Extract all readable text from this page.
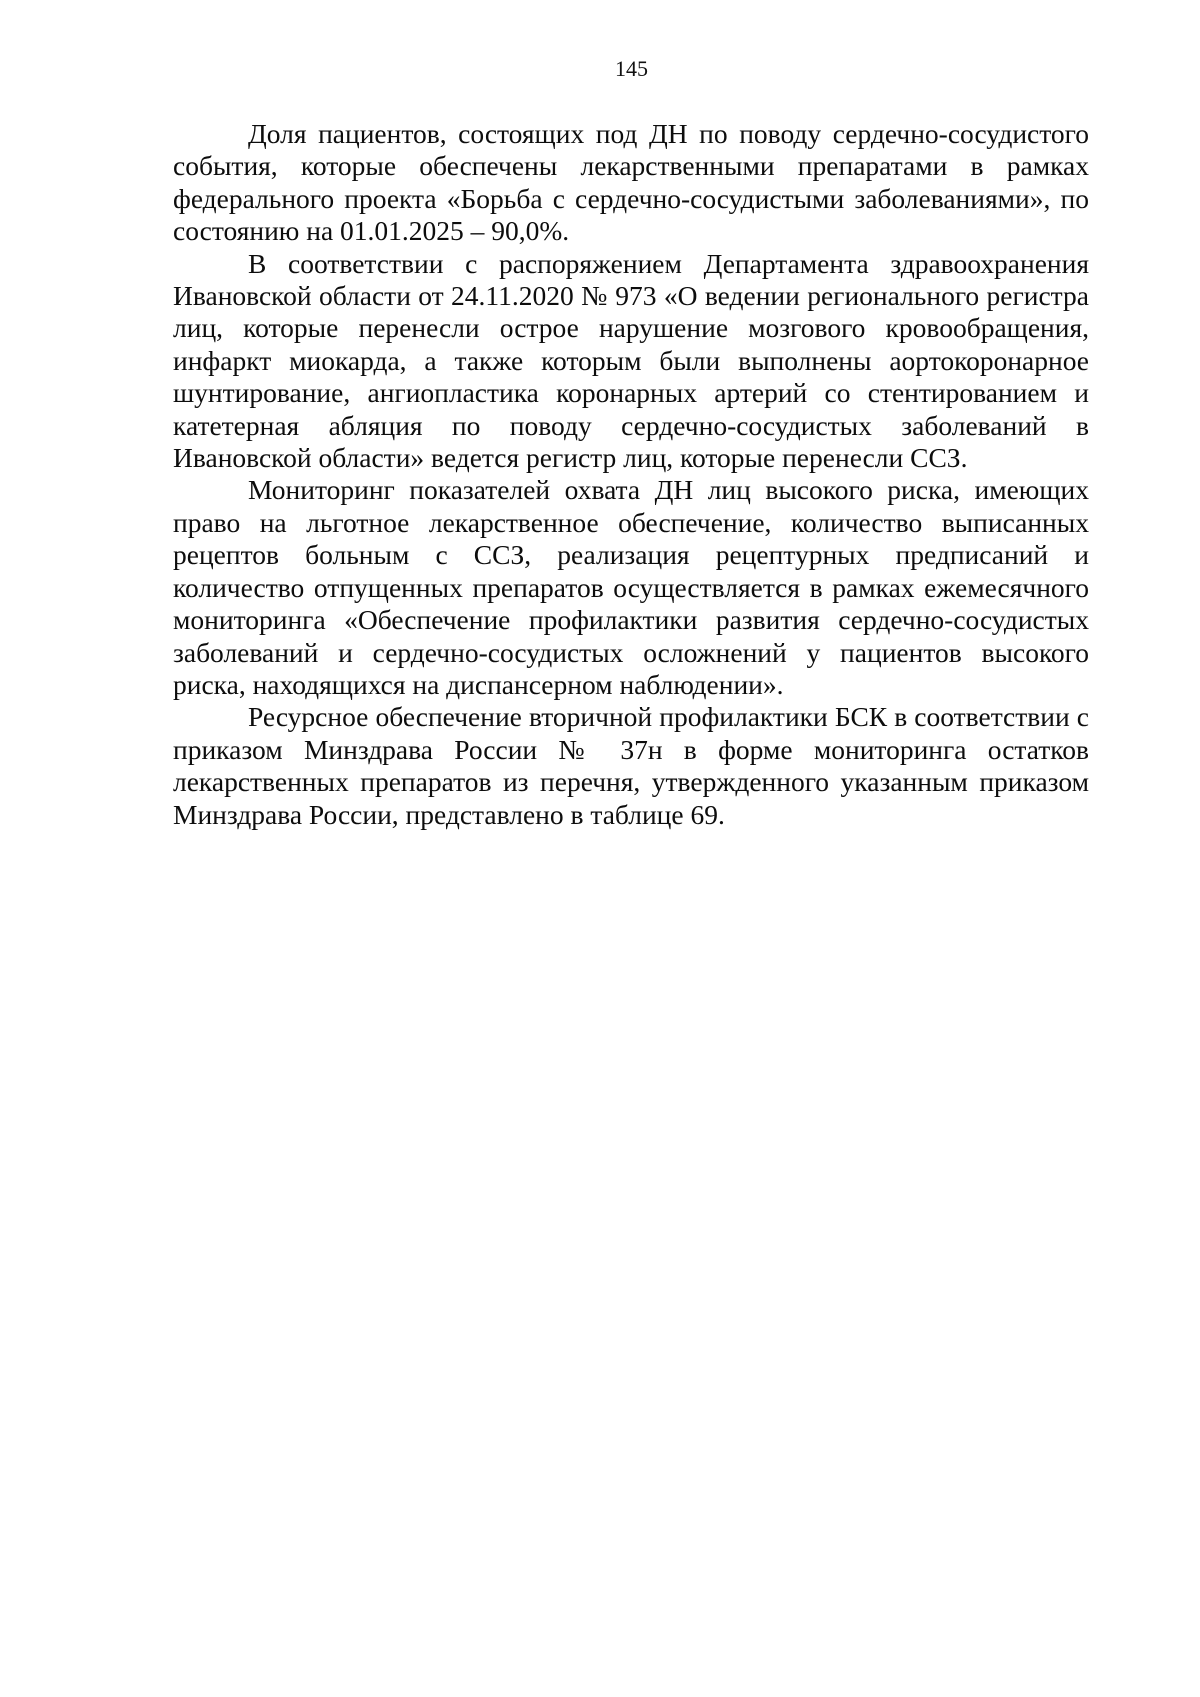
145

Доля пациентов, состоящих под ДН по поводу сердечно-сосудистого события, которые обеспечены лекарственными препаратами в рамках федерального проекта «Борьба с сердечно-сосудистыми заболеваниями», по состоянию на 01.01.2025 – 90,0%.

В соответствии с распоряжением Департамента здравоохранения Ивановской области от 24.11.2020 № 973 «О ведении регионального регистра лиц, которые перенесли острое нарушение мозгового кровообращения, инфаркт миокарда, а также которым были выполнены аортокоронарное шунтирование, ангиопластика коронарных артерий со стентированием и катетерная абляция по поводу сердечно-сосудистых заболеваний в Ивановской области» ведется регистр лиц, которые перенесли ССЗ.

Мониторинг показателей охвата ДН лиц высокого риска, имеющих право на льготное лекарственное обеспечение, количество выписанных рецептов больным с ССЗ, реализация рецептурных предписаний и количество отпущенных препаратов осуществляется в рамках ежемесячного мониторинга «Обеспечение профилактики развития сердечно-сосудистых заболеваний и сердечно-сосудистых осложнений у пациентов высокого риска, находящихся на диспансерном наблюдении».

Ресурсное обеспечение вторичной профилактики БСК в соответствии с приказом Минздрава России № 37н в форме мониторинга остатков лекарственных препаратов из перечня, утвержденного указанным приказом Минздрава России, представлено в таблице 69.
